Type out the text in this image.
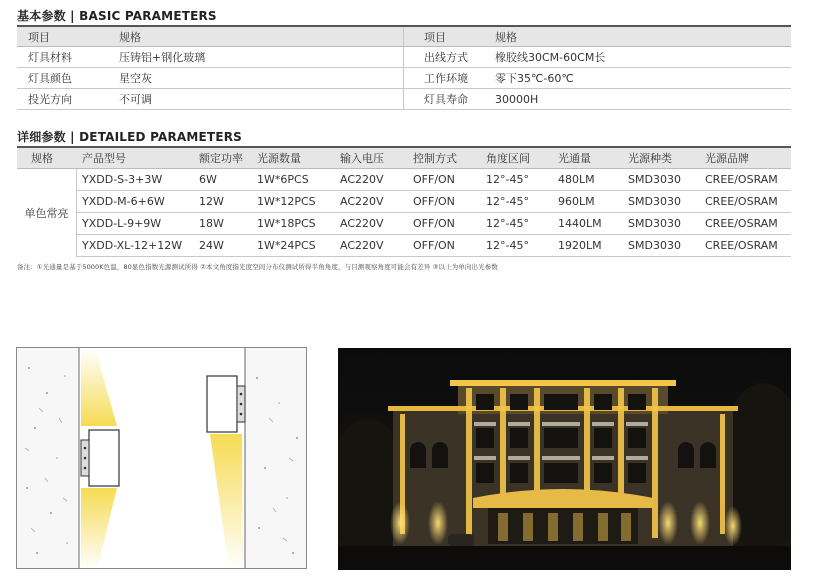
基本参数 | BASIC PARAMETERS
项目	规格	项目	规格
灯具材料	压铸铝+钢化玻璃	出线方式	橡胶线30CM-60CM长
灯具颜色	星空灰	工作环境	零下35℃-60℃
投光方向	不可调	灯具寿命	30000H
详细参数 | DETAILED PARAMETERS
规格	产品型号	额定功率	光源数量	输入电压	控制方式	角度区间	光通量	光源种类	光源品牌
单色常亮
YXDD-S-3+3W	6W	1W*6PCS	AC220V	OFF/ON	12°-45°	480LM	SMD3030	CREE/OSRAM
YXDD-M-6+6W	12W	1W*12PCS	AC220V	OFF/ON	12°-45°	960LM	SMD3030	CREE/OSRAM
YXDD-L-9+9W	18W	1W*18PCS	AC220V	OFF/ON	12°-45°	1440LM	SMD3030	CREE/OSRAM
YXDD-XL-12+12W	24W	1W*24PCS	AC220V	OFF/ON	12°-45°	1920LM	SMD3030	CREE/OSRAM
备注：①光通量是基于5000K色温，80显色指数光源测试所得 ②本文角度指光度空间分布仪测试所得半角角度，与目测观察角度可能会有差异 ③以上为单向出光参数
